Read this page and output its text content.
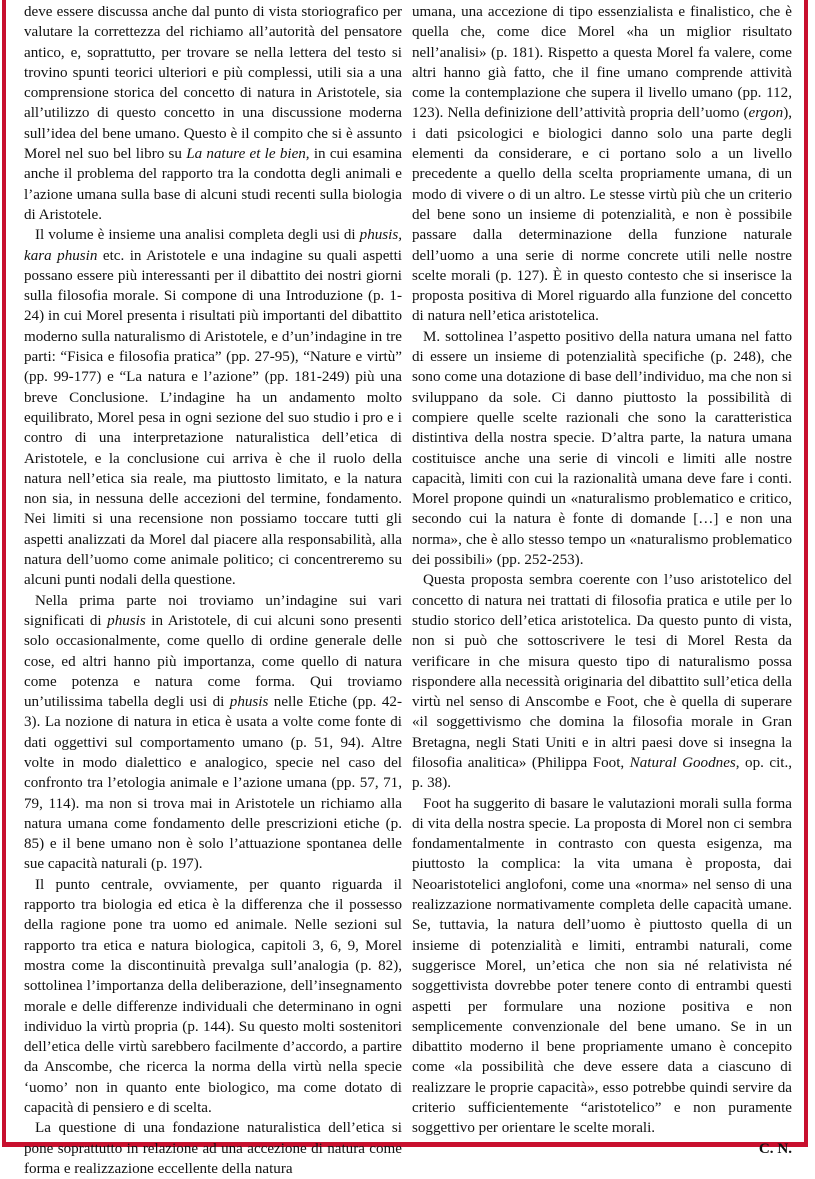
deve essere discussa anche dal punto di vista storiografico per valutare la correttezza del richiamo all’autorità del pensatore antico, e, soprattutto, per trovare se nella lettera del testo si trovino spunti teorici ulteriori e più complessi, utili sia a una comprensione storica del concetto di natura in Aristotele, sia all’utilizzo di questo concetto in una discussione moderna sull’idea del bene umano. Questo è il compito che si è assunto Morel nel suo bel libro su La nature et le bien, in cui esamina anche il problema del rapporto tra la condotta degli animali e l’azione umana sulla base di alcuni studi recenti sulla biologia di Aristotele.

Il volume è insieme una analisi completa degli usi di phusis, kara phusin etc. in Aristotele e una indagine su quali aspetti possano essere più interessanti per il dibattito dei nostri giorni sulla filosofia morale. Si compone di una Introduzione (p. 1-24) in cui Morel presenta i risultati più importanti del dibattito moderno sulla naturalismo di Aristotele, e d’un’indagine in tre parti: “Fisica e filosofia pratica” (pp. 27-95), “Nature e virtù” (pp. 99-177) e “La natura e l’azione” (pp. 181-249) più una breve Conclusione. L’indagine ha un andamento molto equilibrato, Morel pesa in ogni sezione del suo studio i pro e i contro di una interpretazione naturalistica dell’etica di Aristotele, e la conclusione cui arriva è che il ruolo della natura nell’etica sia reale, ma piuttosto limitato, e la natura non sia, in nessuna delle accezioni del termine, fondamento. Nei limiti si una recensione non possiamo toccare tutti gli aspetti analizzati da Morel dal piacere alla responsabilità, alla natura dell’uomo come animale politico; ci concentreremo su alcuni punti nodali della questione.

Nella prima parte noi troviamo un’indagine sui vari significati di phusis in Aristotele, di cui alcuni sono presenti solo occasionalmente, come quello di ordine generale delle cose, ed altri hanno più importanza, come quello di natura come potenza e natura come forma. Qui troviamo un’utilissima tabella degli usi di phusis nelle Etiche (pp. 42-3). La nozione di natura in etica è usata a volte come fonte di dati oggettivi sul comportamento umano (p. 51, 94). Altre volte in modo dialettico e analogico, specie nel caso del confronto tra l’etologia animale e l’azione umana (pp. 57, 71, 79, 114). ma non si trova mai in Aristotele un richiamo alla natura umana come fondamento delle prescrizioni etiche (p. 85) e il bene umano non è solo l’attuazione spontanea delle sue capacità naturali (p. 197).

Il punto centrale, ovviamente, per quanto riguarda il rapporto tra biologia ed etica è la differenza che il possesso della ragione pone tra uomo ed animale. Nelle sezioni sul rapporto tra etica e natura biologica, capitoli 3, 6, 9, Morel mostra come la discontinuità prevalga sull’analogia (p. 82), sottolinea l’importanza della deliberazione, dell’insegnamento morale e delle differenze individuali che determinano in ogni individuo la virtù propria (p. 144). Su questo molti sostenitori dell’etica delle virtù sarebbero facilmente d’accordo, a partire da Anscombe, che ricerca la norma della virtù nella specie ‘uomo’ non in quanto ente biologico, ma come dotato di capacità di pensiero e di scelta.

La questione di una fondazione naturalistica dell’etica si pone soprattutto in relazione ad una accezione di natura come forma e realizzazione eccellente della natura

umana, una accezione di tipo essenzialista e finalistico, che è quella che, come dice Morel «ha un miglior risultato nell’analisi» (p. 181). Rispetto a questa Morel fa valere, come altri hanno già fatto, che il fine umano comprende attività come la contemplazione che supera il livello umano (pp. 112, 123). Nella definizione dell’attività propria dell’uomo (ergon), i dati psicologici e biologici danno solo una parte degli elementi da considerare, e ci portano solo a un livello precedente a quello della scelta propriamente umana, di un modo di vivere o di un altro. Le stesse virtù più che un criterio del bene sono un insieme di potenzialità, e non è possibile passare dalla determinazione della funzione naturale dell’uomo a una serie di norme concrete utili nelle nostre scelte morali (p. 127). È in questo contesto che si inserisce la proposta positiva di Morel riguardo alla funzione del concetto di natura nell’etica aristotelica.

M. sottolinea l’aspetto positivo della natura umana nel fatto di essere un insieme di potenzialità specifiche (p. 248), che sono come una dotazione di base dell’individuo, ma che non si sviluppano da sole. Ci danno piuttosto la possibilità di compiere quelle scelte razionali che sono la caratteristica distintiva della nostra specie. D’altra parte, la natura umana costituisce anche una serie di vincoli e limiti alle nostre capacità, limiti con cui la razionalità umana deve fare i conti. Morel propone quindi un «naturalismo problematico e critico, secondo cui la natura è fonte di domande […] e non una norma», che è allo stesso tempo un «naturalismo problematico dei possibili» (pp. 252-253).

Questa proposta sembra coerente con l’uso aristotelico del concetto di natura nei trattati di filosofia pratica e utile per lo studio storico dell’etica aristotelica. Da questo punto di vista, non si può che sottoscrivere le tesi di Morel Resta da verificare in che misura questo tipo di naturalismo possa rispondere alla necessità originaria del dibattito sull’etica della virtù nel senso di Anscombe e Foot, che è quella di superare «il soggettivismo che domina la filosofia morale in Gran Bretagna, negli Stati Uniti e in altri paesi dove si insegna la filosofia analitica» (Philippa Foot, Natural Goodnes, op. cit., p. 38).

Foot ha suggerito di basare le valutazioni morali sulla forma di vita della nostra specie. La proposta di Morel non ci sembra fondamentalmente in contrasto con questa esigenza, ma piuttosto la complica: la vita umana è proposta, dai Neoaristotelici anglofoni, come una «norma» nel senso di una realizzazione normativamente completa delle capacità umane. Se, tuttavia, la natura dell’uomo è piuttosto quella di un insieme di potenzialità e limiti, entrambi naturali, come suggerisce Morel, un’etica che non sia né relativista né soggettivista dovrebbe poter tenere conto di entrambi questi aspetti per formulare una nozione positiva e non semplicemente convenzionale del bene umano. Se in un dibattito moderno il bene propriamente umano è concepito come «la possibilità che deve essere data a ciascuno di realizzare le proprie capacità», esso potrebbe quindi servire da criterio sufficientemente “aristotelico” e non puramente soggettivo per orientare le scelte morali.

C. N.
